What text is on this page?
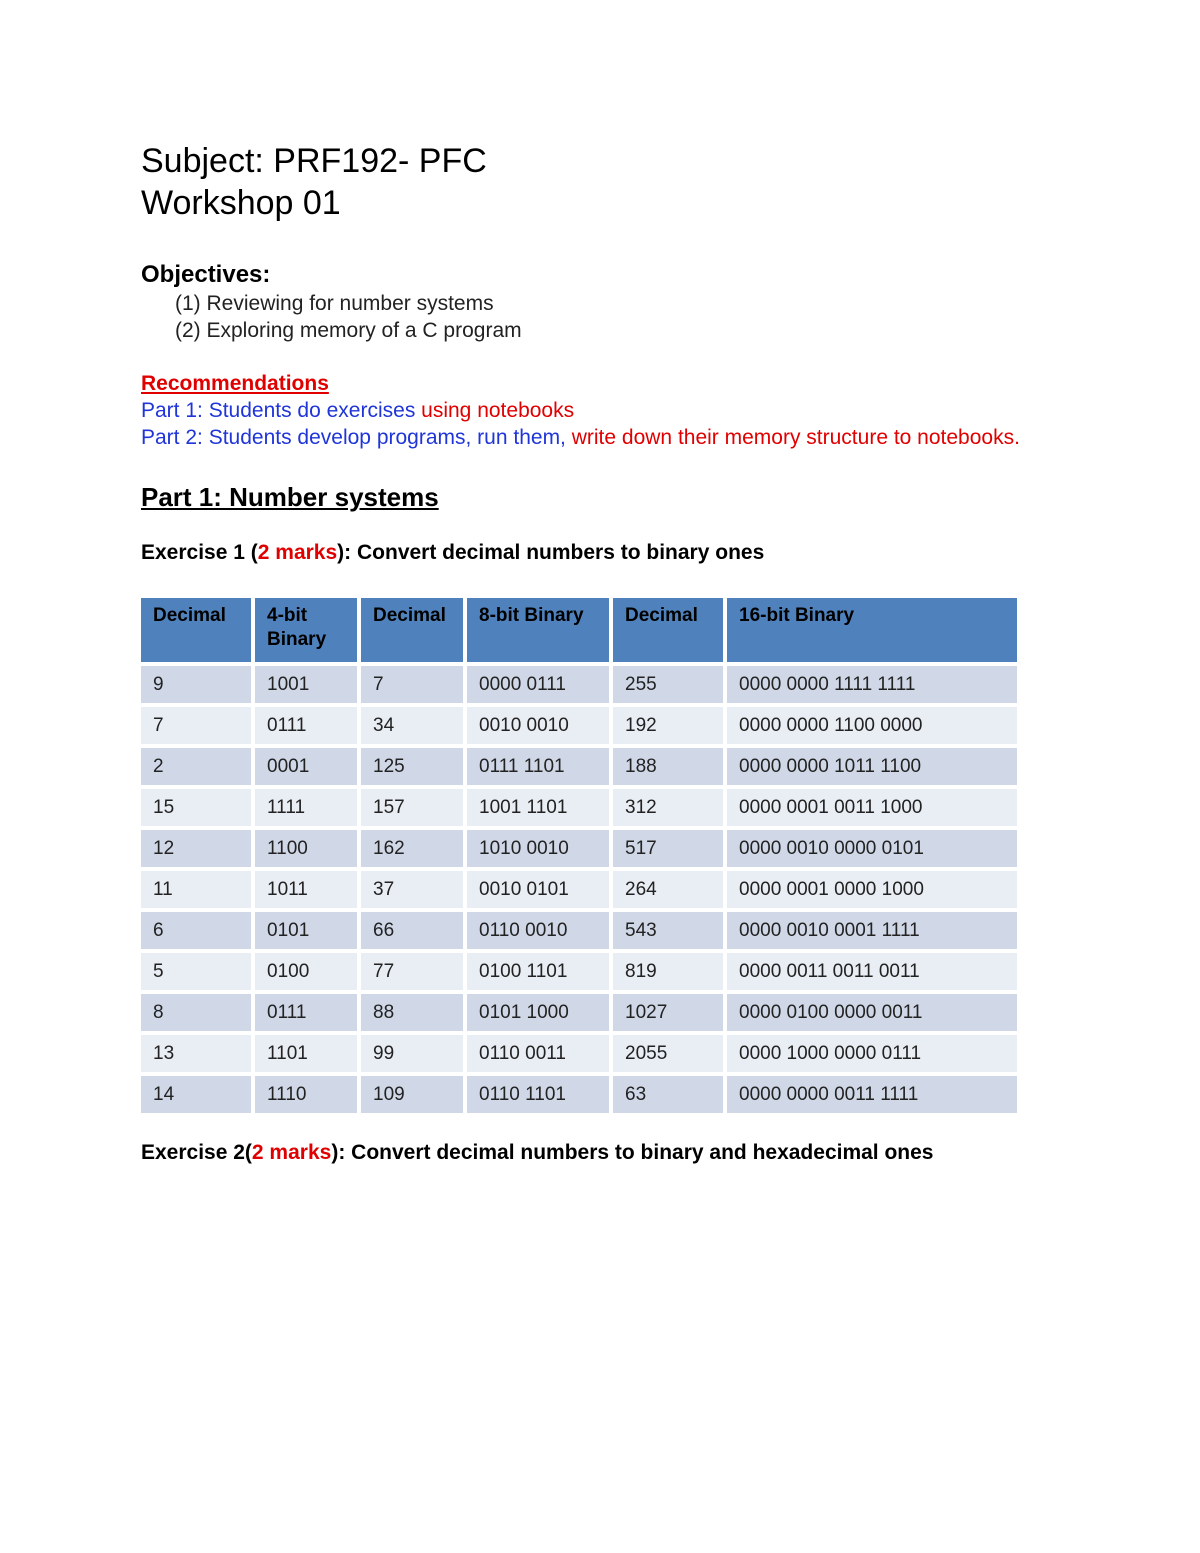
Subject: PRF192- PFC
Workshop 01
Objectives:
(1) Reviewing for number systems
(2) Exploring memory of a C program
Recommendations
Part 1: Students do exercises using notebooks
Part 2: Students develop programs, run them, write down their memory structure to notebooks.
Part 1: Number systems
Exercise 1 (2 marks): Convert decimal numbers to binary ones
Decimal	4-bit Binary	Decimal	8-bit Binary	Decimal	16-bit Binary
9	1001	7	0000 0111	255	0000 0000 1111 1111
7	0111	34	0010 0010	192	0000 0000 1100 0000
2	0001	125	0111 1101	188	0000 0000 1011 1100
15	1111	157	1001 1101	312	0000 0001 0011 1000
12	1100	162	1010 0010	517	0000 0010 0000 0101
11	1011	37	0010 0101	264	0000 0001 0000 1000
6	0101	66	0110 0010	543	0000 0010 0001 1111
5	0100	77	0100 1101	819	0000 0011 0011 0011
8	0111	88	0101 1000	1027	0000 0100 0000 0011
13	1101	99	0110 0011	2055	0000 1000 0000 0111
14	1110	109	0110 1101	63	0000 0000 0011 1111
Exercise 2(2 marks): Convert decimal numbers to binary and hexadecimal ones
